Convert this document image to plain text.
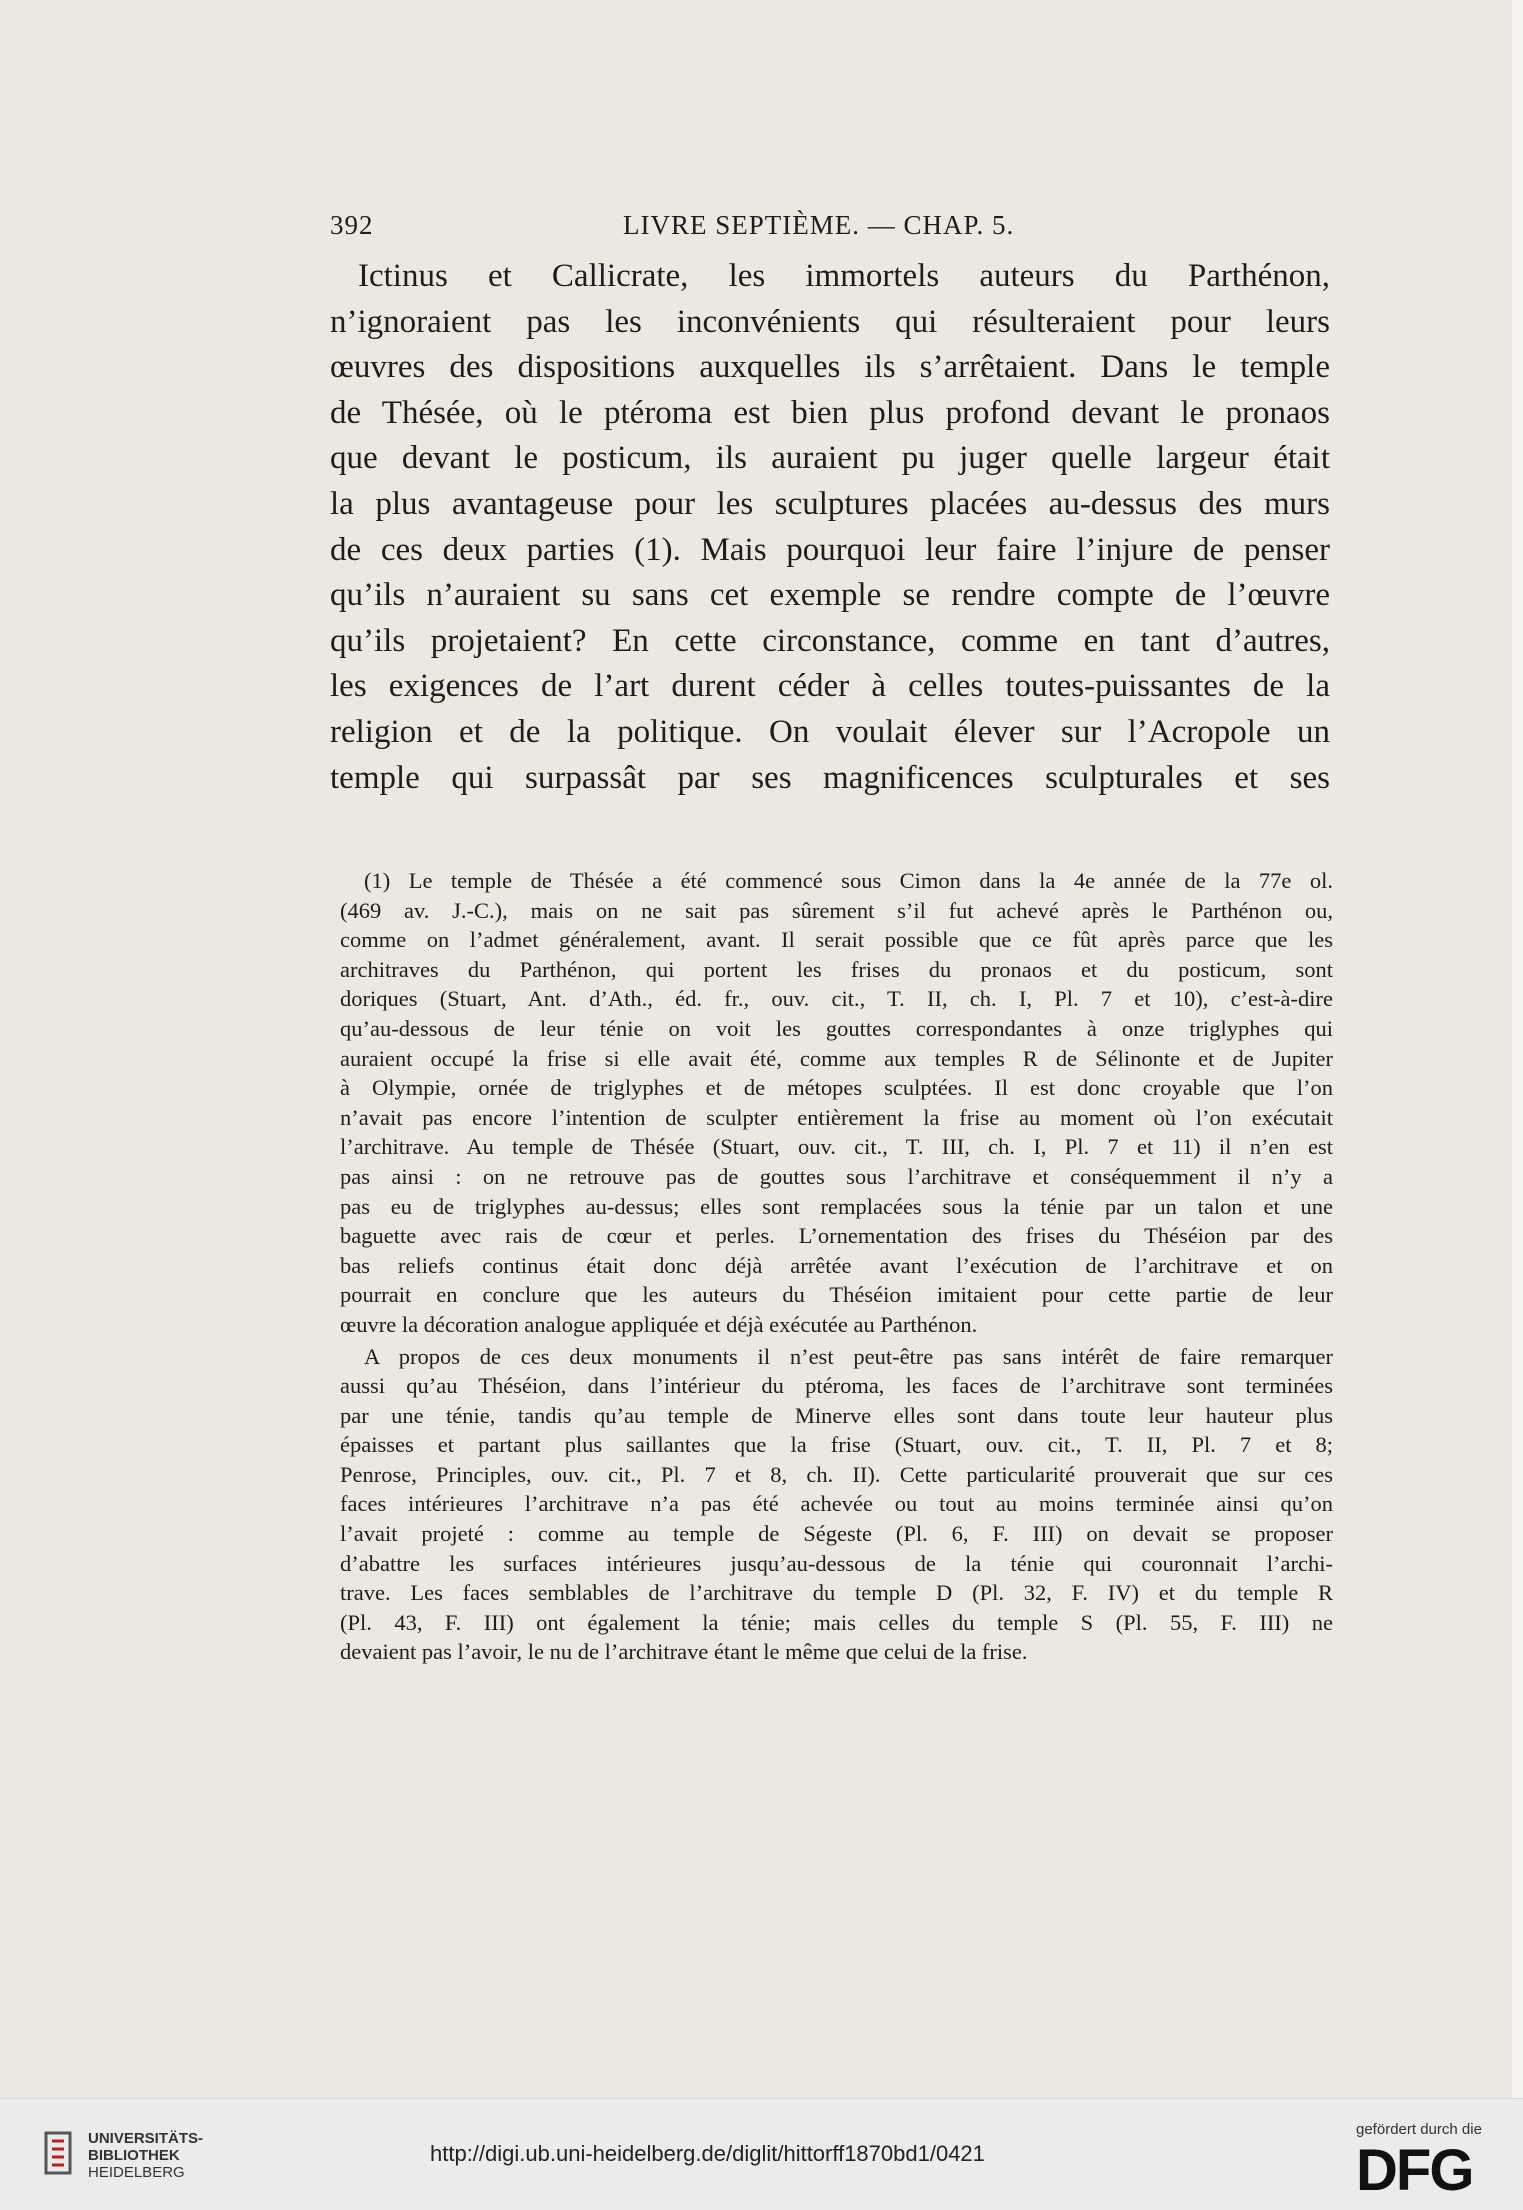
392	LIVRE SEPTIÈME. — CHAP. 5.
Ictinus et Callicrate, les immortels auteurs du Parthénon,
n’ignoraient pas les inconvénients qui résulteraient pour leurs
œuvres des dispositions auxquelles ils s’arrêtaient. Dans le temple
de Thésée, où le ptéroma est bien plus profond devant le pronaos
que devant le posticum, ils auraient pu juger quelle largeur était
la plus avantageuse pour les sculptures placées au-dessus des murs
de ces deux parties (1). Mais pourquoi leur faire l’injure de penser
qu’ils n’auraient su sans cet exemple se rendre compte de l’œuvre
qu’ils projetaient? En cette circonstance, comme en tant d’autres,
les exigences de l’art durent céder à celles toutes-puissantes de la
religion et de la politique. On voulait élever sur l’Acropole un
temple qui surpassât par ses magnificences sculpturales et ses
(1) Le temple de Thésée a été commencé sous Cimon dans la 4e année de la 77e ol.
(469 av. J.-C.), mais on ne sait pas sûrement s’il fut achevé après le Parthénon ou,
comme on l’admet généralement, avant. Il serait possible que ce fût après parce que les
architraves du Parthénon, qui portent les frises du pronaos et du posticum, sont
doriques (Stuart, Ant. d’Ath., éd. fr., ouv. cit., T. II, ch. I, Pl. 7 et 10), c’est-à-dire
qu’au-dessous de leur ténie on voit les gouttes correspondantes à onze triglyphes qui
auraient occupé la frise si elle avait été, comme aux temples R de Sélinonte et de Jupiter
à Olympie, ornée de triglyphes et de métopes sculptées. Il est donc croyable que l’on
n’avait pas encore l’intention de sculpter entièrement la frise au moment où l’on exécutait
l’architrave. Au temple de Thésée (Stuart, ouv. cit., T. III, ch. I, Pl. 7 et 11) il n’en est
pas ainsi : on ne retrouve pas de gouttes sous l’architrave et conséquemment il n’y a
pas eu de triglyphes au-dessus; elles sont remplacées sous la ténie par un talon et une
baguette avec rais de cœur et perles. L’ornementation des frises du Théséion par des
bas reliefs continus était donc déjà arrêtée avant l’exécution de l’architrave et on
pourrait en conclure que les auteurs du Théséion imitaient pour cette partie de leur
œuvre la décoration analogue appliquée et déjà exécutée au Parthénon.
A propos de ces deux monuments il n’est peut-être pas sans intérêt de faire remarquer
aussi qu’au Théséion, dans l’intérieur du ptéroma, les faces de l’architrave sont terminées
par une ténie, tandis qu’au temple de Minerve elles sont dans toute leur hauteur plus
épaisses et partant plus saillantes que la frise (Stuart, ouv. cit., T. II, Pl. 7 et 8;
Penrose, Principles, ouv. cit., Pl. 7 et 8, ch. II). Cette particularité prouverait que sur ces
faces intérieures l’architrave n’a pas été achevée ou tout au moins terminée ainsi qu’on
l’avait projeté : comme au temple de Ségeste (Pl. 6, F. III) on devait se proposer
d’abattre les surfaces intérieures jusqu’au-dessous de la ténie qui couronnait l’archi-
trave. Les faces semblables de l’architrave du temple D (Pl. 32, F. IV) et du temple R
(Pl. 43, F. III) ont également la ténie; mais celles du temple S (Pl. 55, F. III) ne
devaient pas l’avoir, le nu de l’architrave étant le même que celui de la frise.
UNIVERSITÄTS-
BIBLIOTHEK
HEIDELBERG
http://digi.ub.uni-heidelberg.de/diglit/hittorff1870bd1/0421
gefördert durch die
DFG
